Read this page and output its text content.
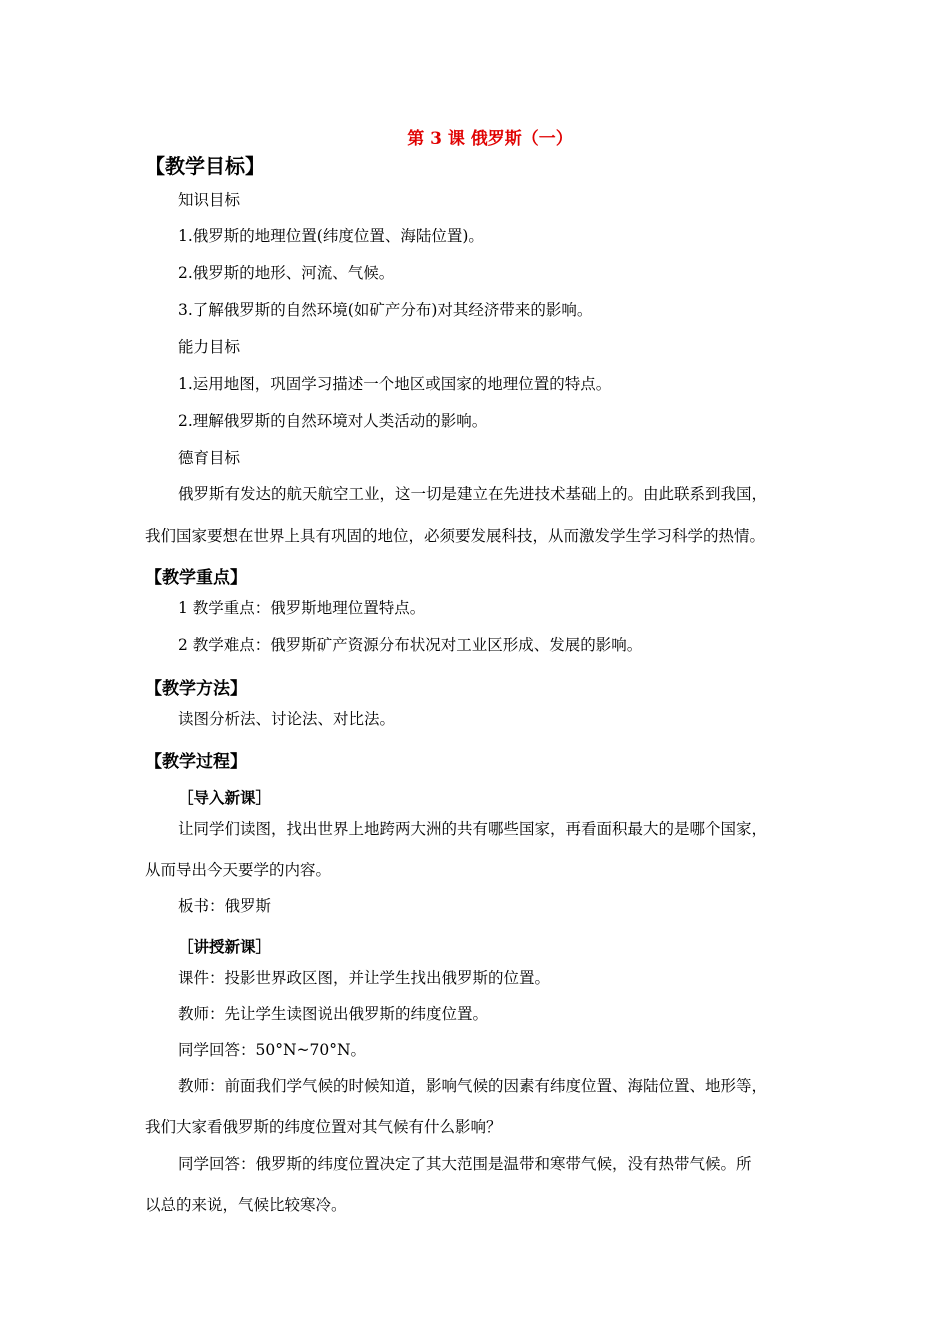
第 3 课 俄罗斯（一）
【教学目标】
知识目标
1.俄罗斯的地理位置(纬度位置、海陆位置)。
2.俄罗斯的地形、河流、气候。
3.了解俄罗斯的自然环境(如矿产分布)对其经济带来的影响。
能力目标
1.运用地图，巩固学习描述一个地区或国家的地理位置的特点。
2.理解俄罗斯的自然环境对人类活动的影响。
德育目标
俄罗斯有发达的航天航空工业，这一切是建立在先进技术基础上的。由此联系到我国，
我们国家要想在世界上具有巩固的地位，必须要发展科技，从而激发学生学习科学的热情。
【教学重点】
1 教学重点：俄罗斯地理位置特点。
2 教学难点：俄罗斯矿产资源分布状况对工业区形成、发展的影响。
【教学方法】
读图分析法、讨论法、对比法。
【教学过程】
［导入新课］
让同学们读图，找出世界上地跨两大洲的共有哪些国家，再看面积最大的是哪个国家，
从而导出今天要学的内容。
板书：俄罗斯
［讲授新课］
课件：投影世界政区图，并让学生找出俄罗斯的位置。
教师：先让学生读图说出俄罗斯的纬度位置。
同学回答：50°N~70°N。
教师：前面我们学气候的时候知道，影响气候的因素有纬度位置、海陆位置、地形等，
我们大家看俄罗斯的纬度位置对其气候有什么影响？
同学回答：俄罗斯的纬度位置决定了其大范围是温带和寒带气候，没有热带气候。所
以总的来说，气候比较寒冷。
